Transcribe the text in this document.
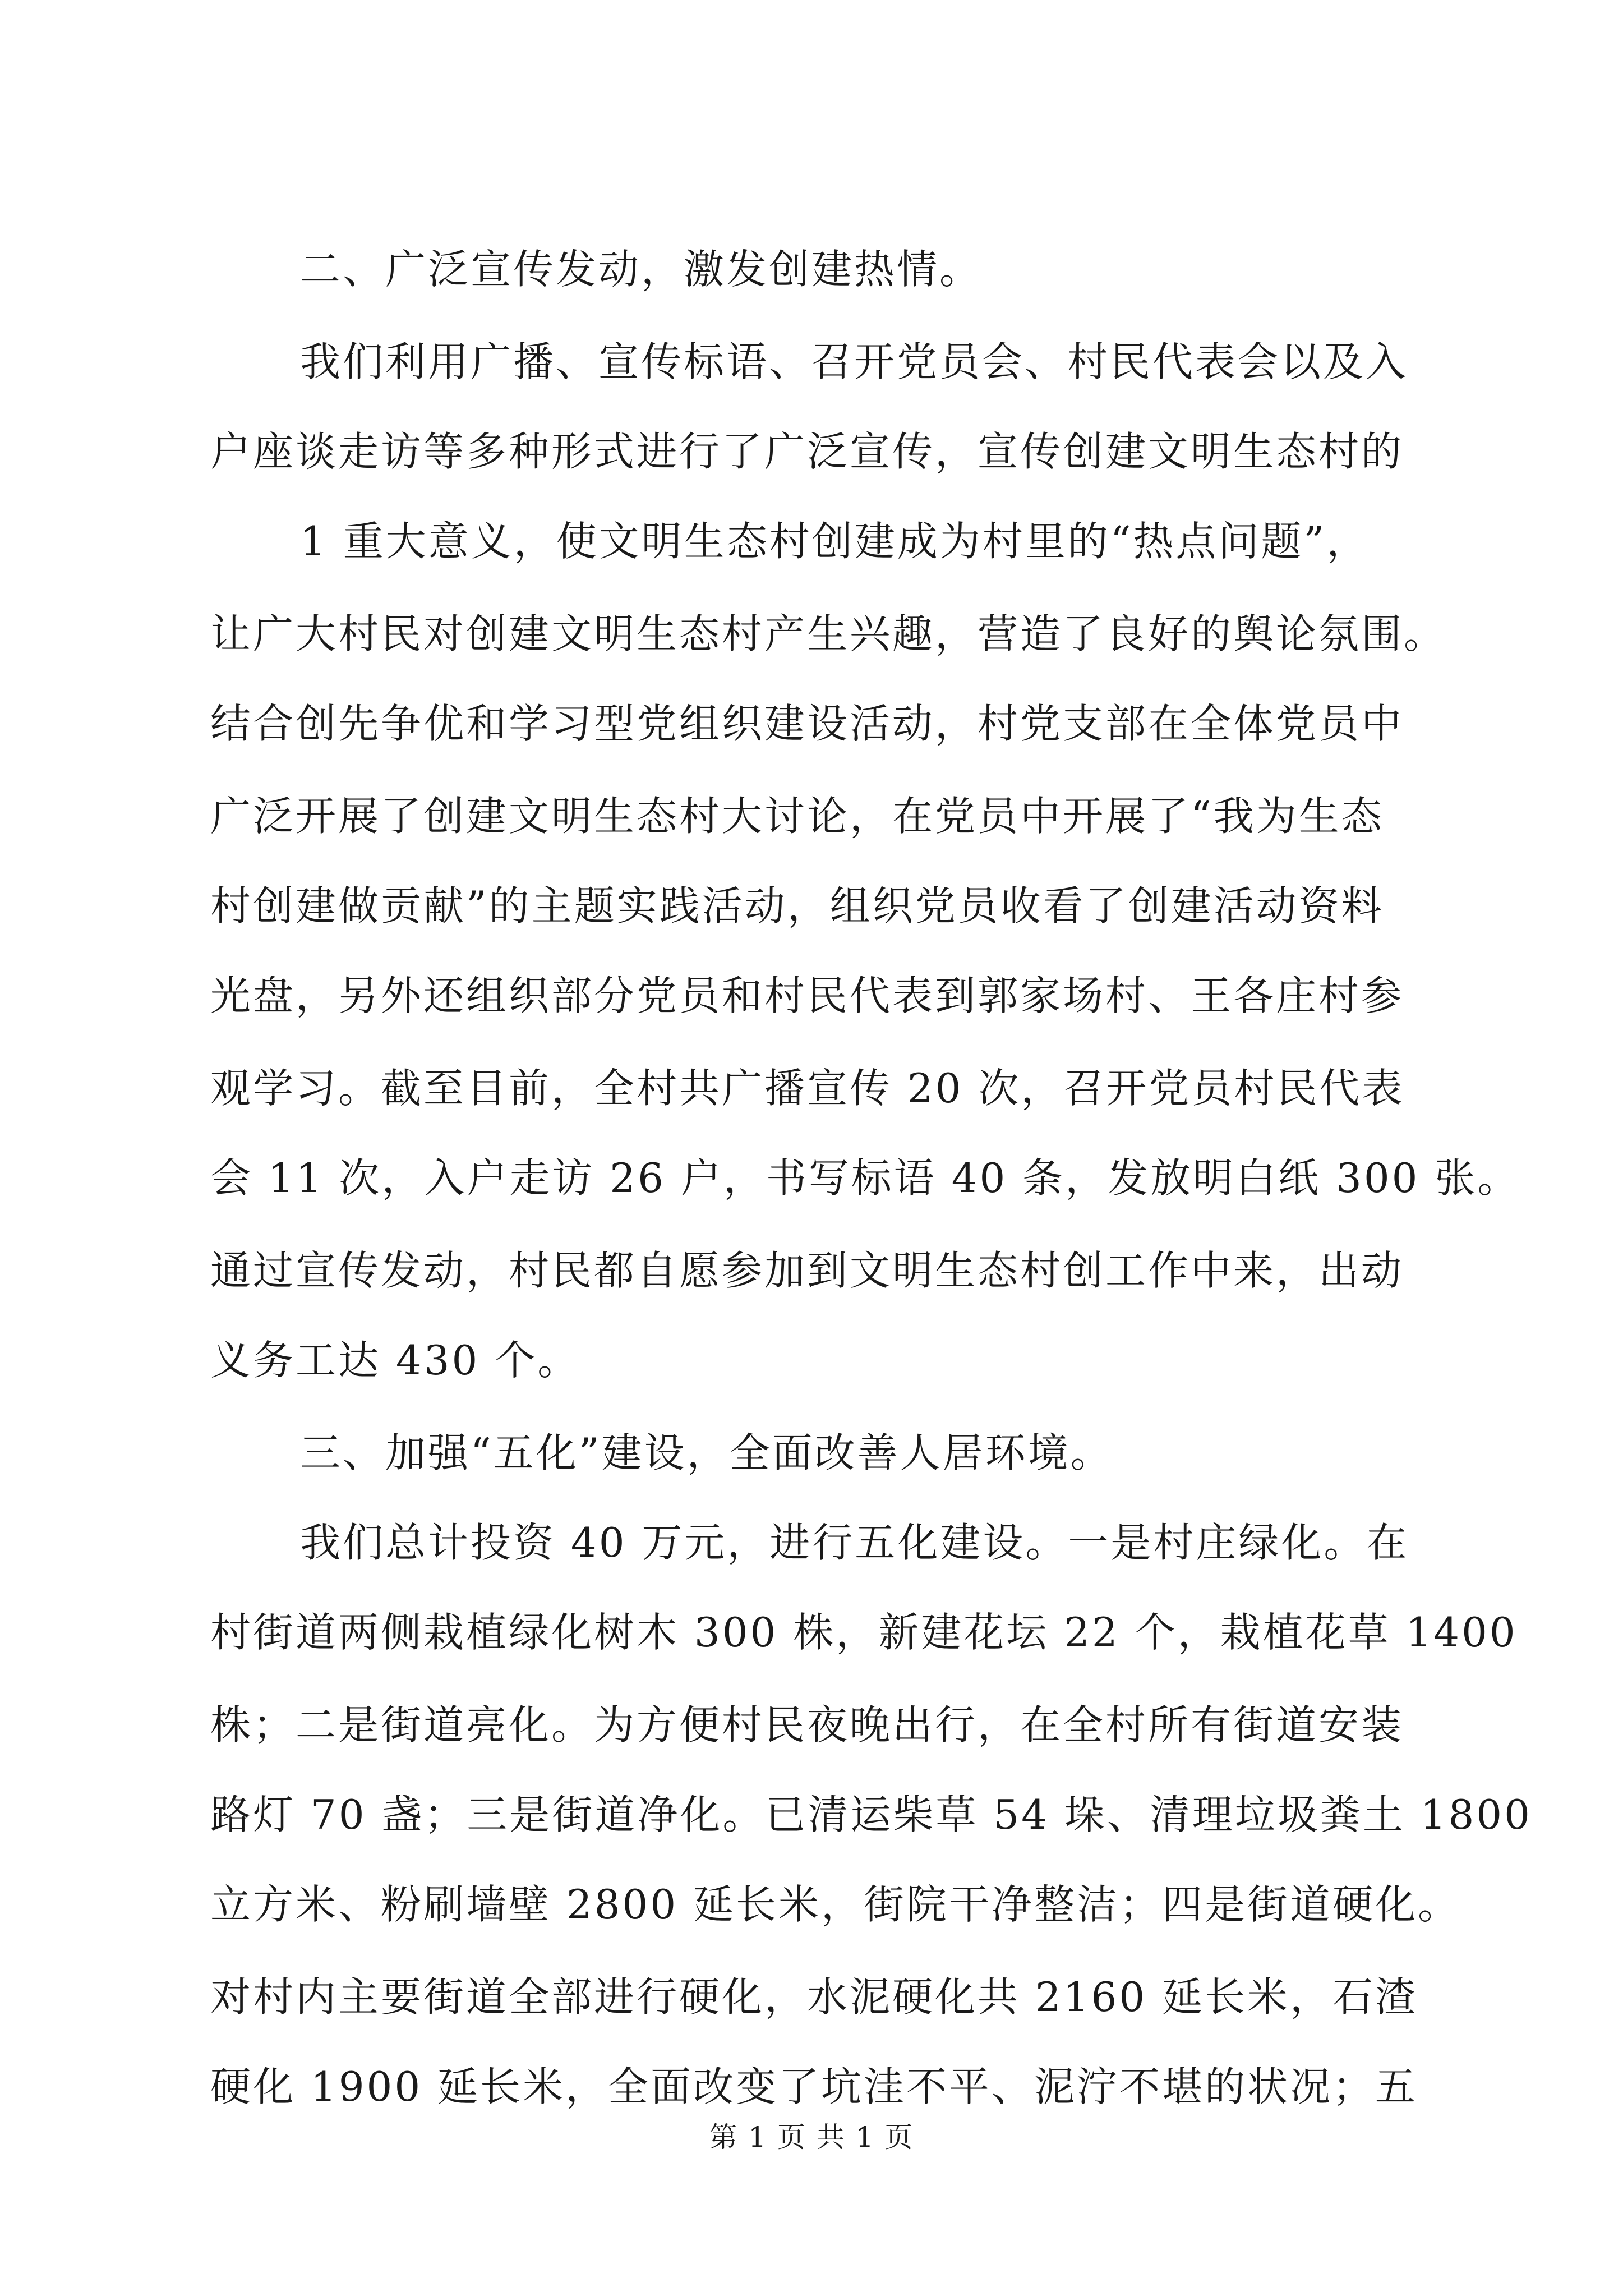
二、广泛宣传发动，激发创建热情。
我们利用广播、宣传标语、召开党员会、村民代表会以及入
户座谈走访等多种形式进行了广泛宣传，宣传创建文明生态村的
1 重大意义，使文明生态村创建成为村里的“热点问题”，
让广大村民对创建文明生态村产生兴趣，营造了良好的舆论氛围。
结合创先争优和学习型党组织建设活动，村党支部在全体党员中
广泛开展了创建文明生态村大讨论，在党员中开展了“我为生态
村创建做贡献”的主题实践活动，组织党员收看了创建活动资料
光盘，另外还组织部分党员和村民代表到郭家场村、王各庄村参
观学习。截至目前，全村共广播宣传 20 次，召开党员村民代表
会 11 次，入户走访 26 户，书写标语 40 条，发放明白纸 300 张。
通过宣传发动，村民都自愿参加到文明生态村创工作中来，出动
义务工达 430 个。
三、加强“五化”建设，全面改善人居环境。
我们总计投资 40 万元，进行五化建设。一是村庄绿化。在
村街道两侧栽植绿化树木 300 株，新建花坛 22 个，栽植花草 1400
株；二是街道亮化。为方便村民夜晚出行，在全村所有街道安装
路灯 70 盏；三是街道净化。已清运柴草 54 垛、清理垃圾粪土 1800
立方米、粉刷墙壁 2800 延长米，街院干净整洁；四是街道硬化。
对村内主要街道全部进行硬化，水泥硬化共 2160 延长米，石渣
硬化 1900 延长米，全面改变了坑洼不平、泥泞不堪的状况；五
第 1 页 共 1 页
